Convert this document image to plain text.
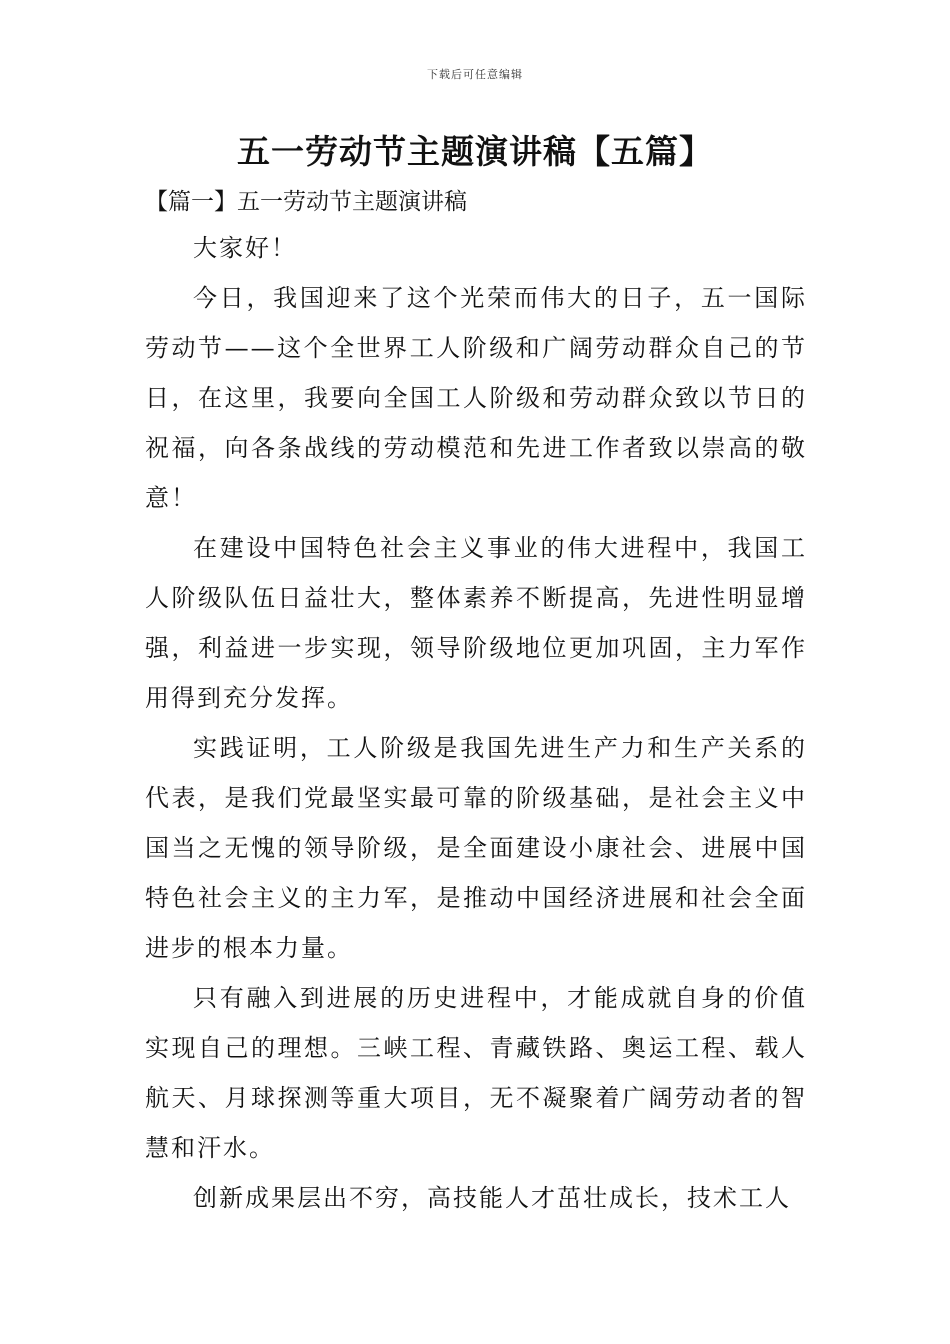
下载后可任意编辑
五一劳动节主题演讲稿【五篇】
【篇一】五一劳动节主题演讲稿

大家好！

今日，我国迎来了这个光荣而伟大的日子，五一国际劳动节——这个全世界工人阶级和广阔劳动群众自己的节日，在这里，我要向全国工人阶级和劳动群众致以节日的祝福，向各条战线的劳动模范和先进工作者致以崇高的敬意！

在建设中国特色社会主义事业的伟大进程中，我国工人阶级队伍日益壮大，整体素养不断提高，先进性明显增强，利益进一步实现，领导阶级地位更加巩固，主力军作用得到充分发挥。

实践证明，工人阶级是我国先进生产力和生产关系的代表，是我们党最坚实最可靠的阶级基础，是社会主义中国当之无愧的领导阶级，是全面建设小康社会、进展中国特色社会主义的主力军，是推动中国经济进展和社会全面进步的根本力量。

只有融入到进展的历史进程中，才能成就自身的价值实现自己的理想。三峡工程、青藏铁路、奥运工程、载人航天、月球探测等重大项目，无不凝聚着广阔劳动者的智慧和汗水。

创新成果层出不穷，高技能人才茁壮成长，技术工人
